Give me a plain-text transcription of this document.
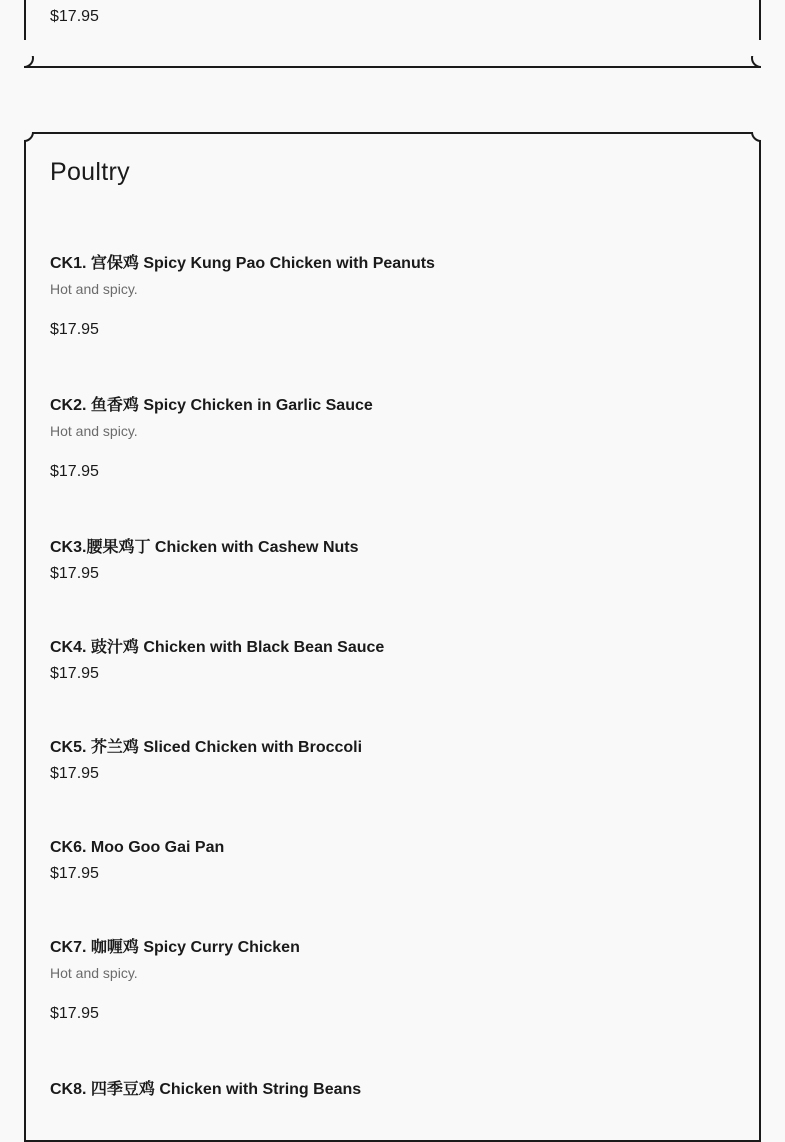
$17.95

Poultry

CK1. 宫保鸡 Spicy Kung Pao Chicken with Peanuts

Hot and spicy.

$17.95

CK2. 鱼香鸡 Spicy Chicken in Garlic Sauce

Hot and spicy.

$17.95

CK3.腰果鸡丁 Chicken with Cashew Nuts

$17.95

CK4. 豉汁鸡 Chicken with Black Bean Sauce

$17.95

CK5. 芥兰鸡 Sliced Chicken with Broccoli

$17.95

CK6. Moo Goo Gai Pan

$17.95

CK7. 咖喱鸡 Spicy Curry Chicken

Hot and spicy.

$17.95

CK8. 四季豆鸡 Chicken with String Beans
